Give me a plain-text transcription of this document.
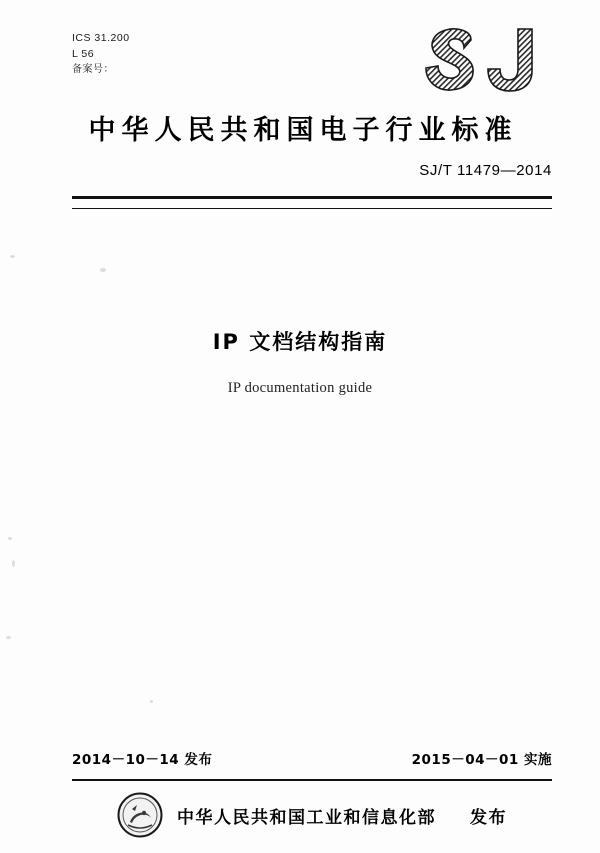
ICS 31.200
L 56
备案号：
中华人民共和国电子行业标准
SJ/T 11479—2014
IP 文档结构指南
IP documentation guide
2014－10－14 发布	2015－04－01 实施
中华人民共和国工业和信息化部 发布
